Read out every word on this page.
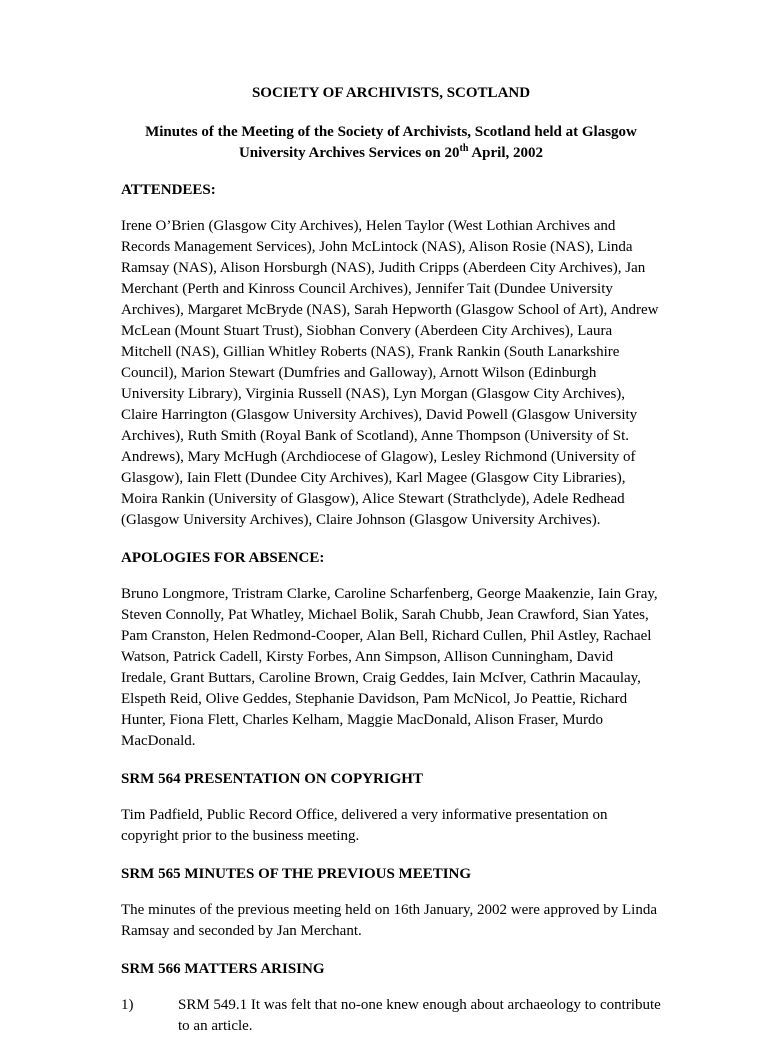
SOCIETY OF ARCHIVISTS, SCOTLAND
Minutes of the Meeting of the Society of Archivists, Scotland held at Glasgow
University Archives Services on 20th April, 2002
ATTENDEES:
Irene O’Brien (Glasgow City Archives), Helen Taylor (West Lothian Archives and Records Management Services), John McLintock (NAS), Alison Rosie (NAS), Linda Ramsay (NAS), Alison Horsburgh (NAS), Judith Cripps (Aberdeen City Archives), Jan Merchant (Perth and Kinross Council Archives), Jennifer Tait (Dundee University Archives), Margaret McBryde (NAS), Sarah Hepworth (Glasgow School of Art), Andrew McLean (Mount Stuart Trust), Siobhan Convery (Aberdeen City Archives), Laura Mitchell (NAS), Gillian Whitley Roberts (NAS), Frank Rankin (South Lanarkshire Council), Marion Stewart (Dumfries and Galloway), Arnott Wilson (Edinburgh University Library), Virginia Russell (NAS), Lyn Morgan (Glasgow City Archives), Claire Harrington (Glasgow University Archives), David Powell (Glasgow University Archives), Ruth Smith (Royal Bank of Scotland), Anne Thompson (University of St. Andrews), Mary McHugh (Archdiocese of Glagow), Lesley Richmond (University of Glasgow), Iain Flett (Dundee City Archives), Karl Magee (Glasgow City Libraries), Moira Rankin (University of Glasgow), Alice Stewart (Strathclyde), Adele Redhead (Glasgow University Archives), Claire Johnson (Glasgow University Archives).
APOLOGIES FOR ABSENCE:
Bruno Longmore, Tristram Clarke, Caroline Scharfenberg, George Maakenzie, Iain Gray, Steven Connolly, Pat Whatley, Michael Bolik, Sarah Chubb, Jean Crawford, Sian Yates, Pam Cranston, Helen Redmond-Cooper, Alan Bell, Richard Cullen, Phil Astley, Rachael Watson, Patrick Cadell, Kirsty Forbes, Ann Simpson, Allison Cunningham, David Iredale, Grant Buttars, Caroline Brown, Craig Geddes, Iain McIver, Cathrin Macaulay, Elspeth Reid, Olive Geddes, Stephanie Davidson, Pam McNicol, Jo Peattie, Richard Hunter, Fiona Flett, Charles Kelham, Maggie MacDonald, Alison Fraser, Murdo MacDonald.
SRM 564 PRESENTATION ON COPYRIGHT
Tim Padfield, Public Record Office, delivered a very informative presentation on copyright prior to the business meeting.
SRM 565 MINUTES OF THE PREVIOUS MEETING
The minutes of the previous meeting held on 16th January, 2002 were approved by Linda Ramsay and seconded by Jan Merchant.
SRM 566 MATTERS ARISING
1)	SRM 549.1 It was felt that no-one knew enough about archaeology to contribute to an article.
